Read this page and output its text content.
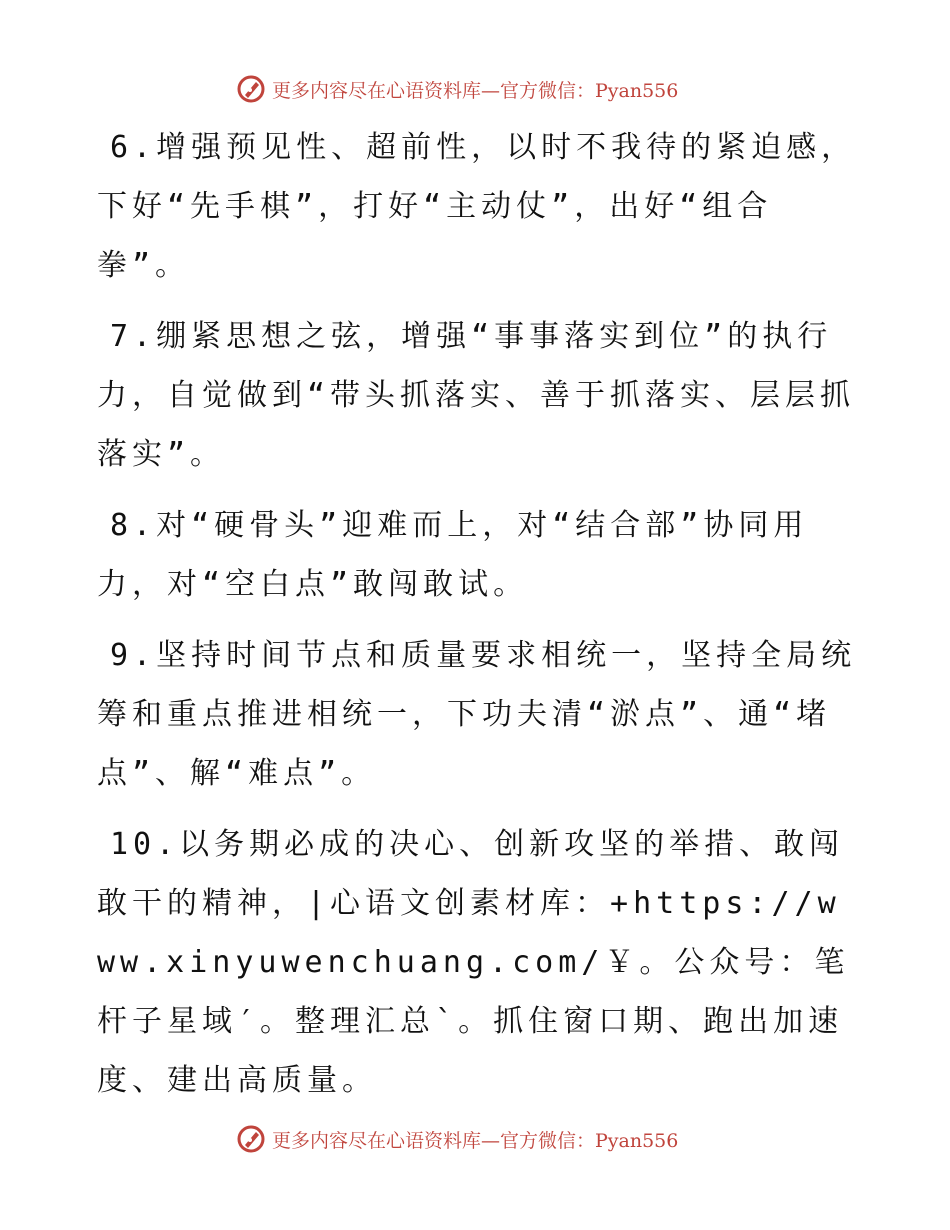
更多内容尽在心语资料库—官方微信：Pyan556

6.增强预见性、超前性，以时不我待的紧迫感，下好“先手棋”，打好“主动仗”，出好“组合拳”。

7.绷紧思想之弦，增强“事事落实到位”的执行力，自觉做到“带头抓落实、善于抓落实、层层抓落实”。

8.对“硬骨头”迎难而上，对“结合部”协同用力，对“空白点”敢闯敢试。

9.坚持时间节点和质量要求相统一，坚持全局统筹和重点推进相统一，下功夫清“淤点”、通“堵点”、解“难点”。

10.以务期必成的决心、创新攻坚的举措、敢闯敢干的精神，|心语文创素材库：+https://www.xinyuwenchuang.com/￥。公众号：笔杆子星域′。整理汇总`。抓住窗口期、跑出加速度、建出高质量。

更多内容尽在心语资料库—官方微信：Pyan556
